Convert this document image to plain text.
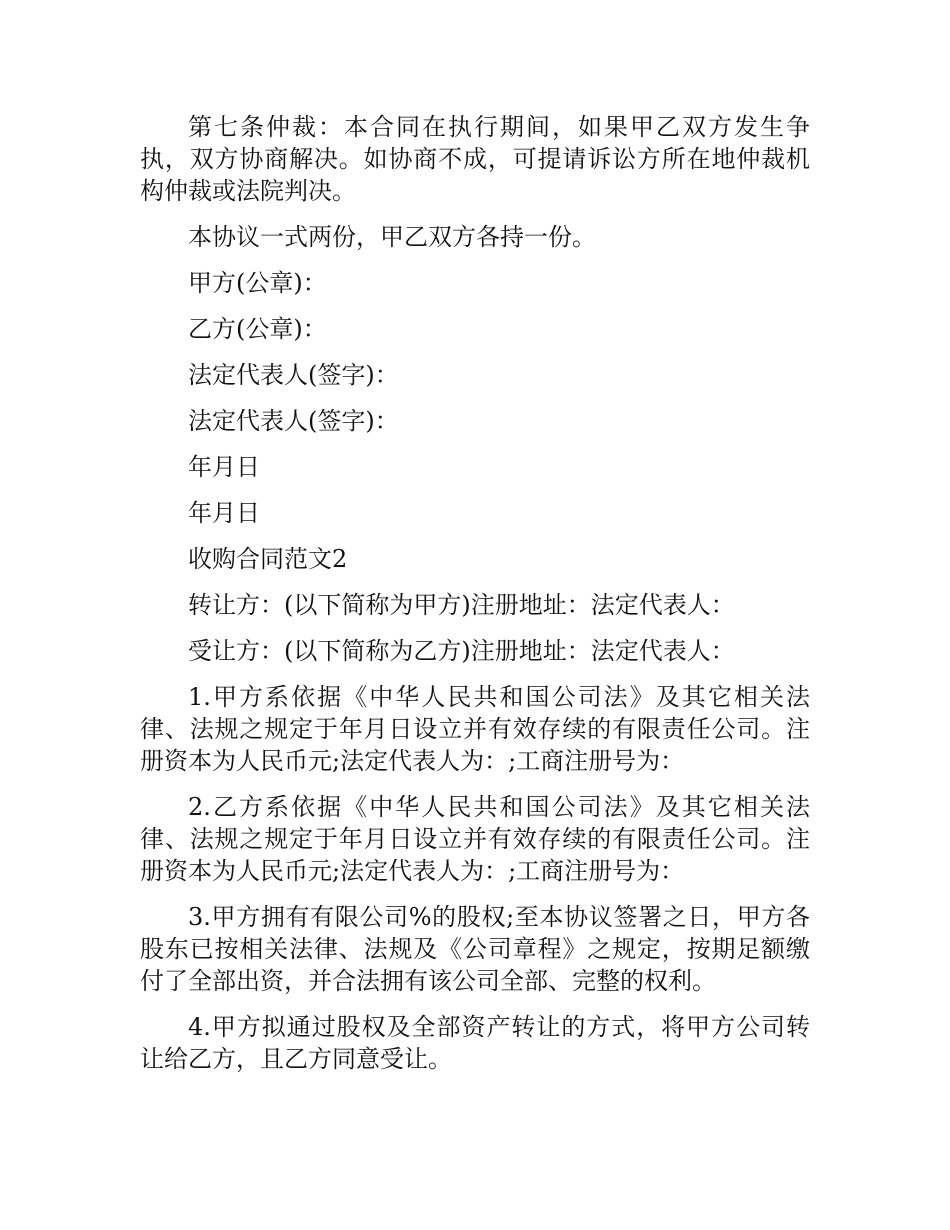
第七条仲裁：本合同在执行期间，如果甲乙双方发生争执，双方协商解决。如协商不成，可提请诉讼方所在地仲裁机构仲裁或法院判决。

本协议一式两份，甲乙双方各持一份。

甲方(公章)：

乙方(公章)：

法定代表人(签字)：

法定代表人(签字)：

年月日

年月日

收购合同范文2

转让方：(以下简称为甲方)注册地址：法定代表人：

受让方：(以下简称为乙方)注册地址：法定代表人：

1.甲方系依据《中华人民共和国公司法》及其它相关法律、法规之规定于年月日设立并有效存续的有限责任公司。注册资本为人民币元;法定代表人为：;工商注册号为：

2.乙方系依据《中华人民共和国公司法》及其它相关法律、法规之规定于年月日设立并有效存续的有限责任公司。注册资本为人民币元;法定代表人为：;工商注册号为：

3.甲方拥有有限公司%的股权;至本协议签署之日，甲方各股东已按相关法律、法规及《公司章程》之规定，按期足额缴付了全部出资，并合法拥有该公司全部、完整的权利。

4.甲方拟通过股权及全部资产转让的方式，将甲方公司转让给乙方，且乙方同意受让。
